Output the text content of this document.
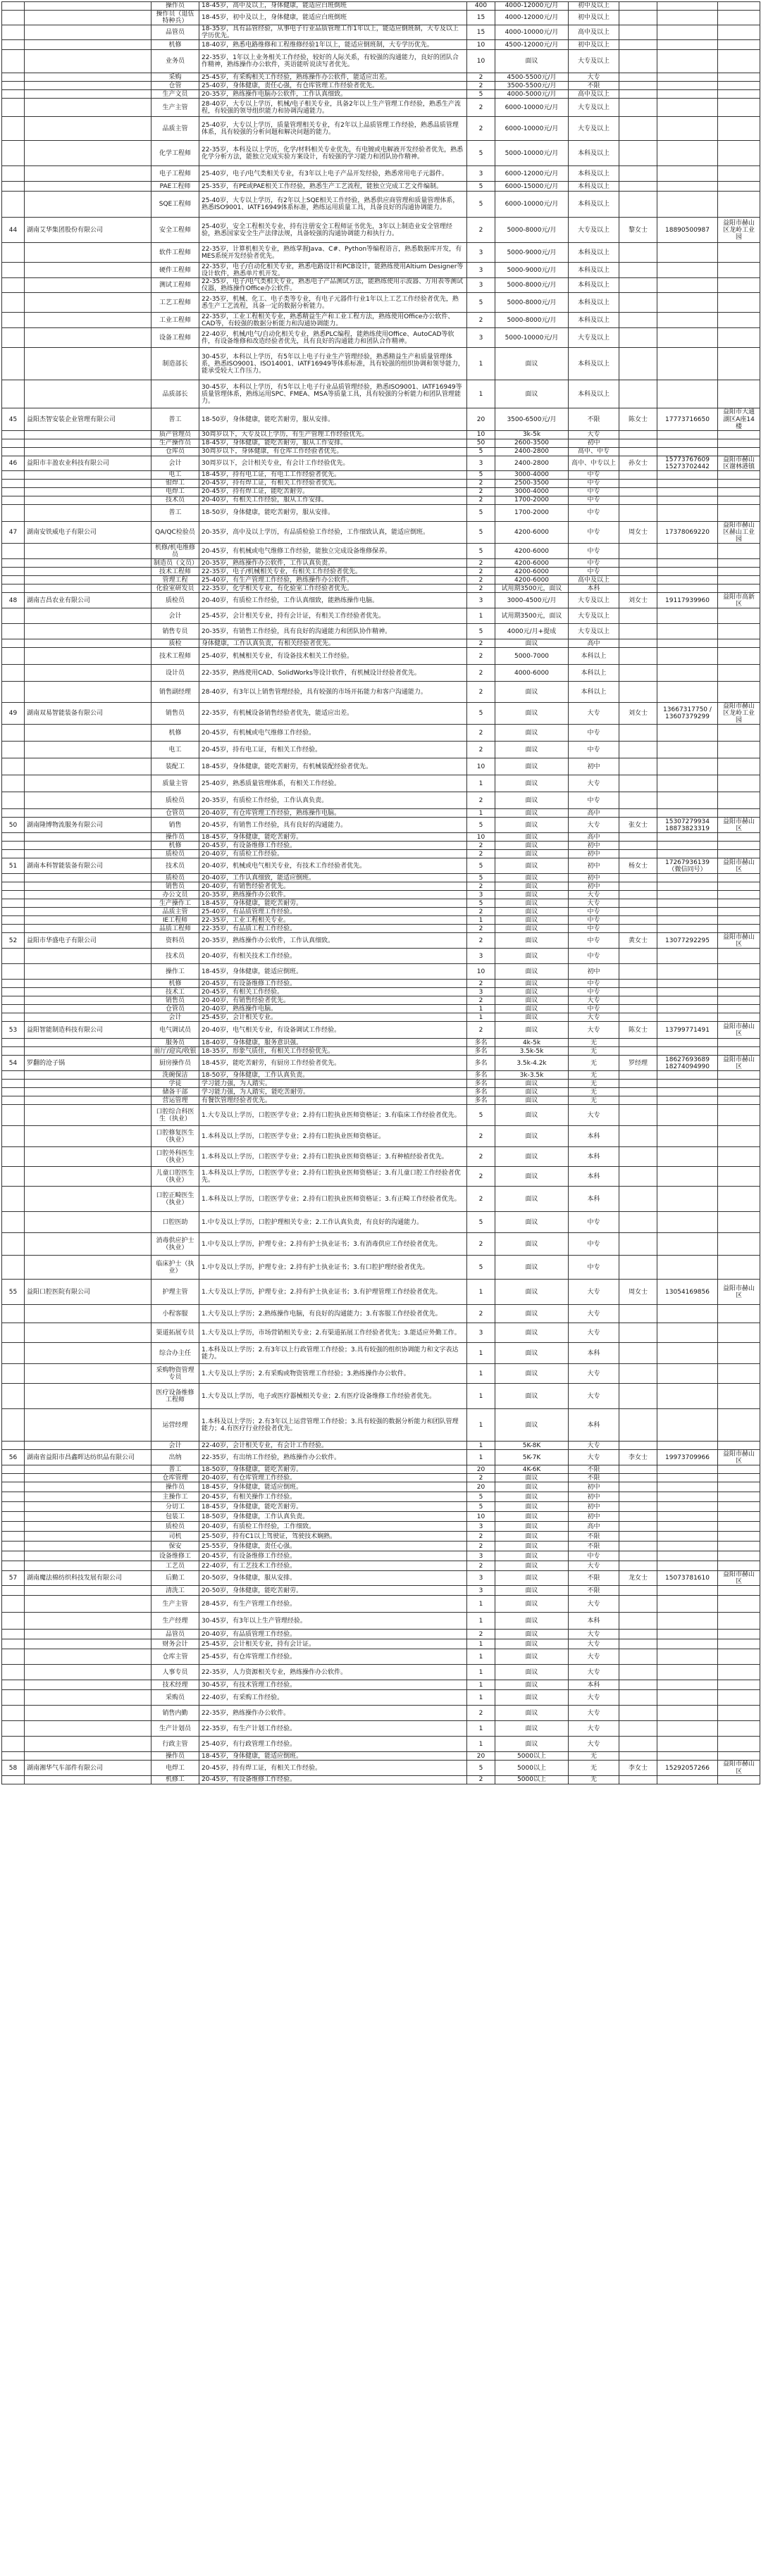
		操作员	18-45岁，高中及以上，身体健康，能适应白班倒班	400	4000-12000元/月	初中及以上			
		操作员（退伍特种兵）	18-45岁，初中及以上，身体健康，能适应白班倒班	15	4000-12000元/月	初中及以上			
		品管员	18-35岁，具有品管经验，从事电子行业品质管理工作1年以上，能适应倒班制，大专及以上学历优先。	15	4000-10000元/月	高中及以上			
		机修	18-40岁，熟悉电路维修和工程维修经验1年以上，能适应倒班制，大专学历优先。	10	4500-12000元/月	初中及以上			
		业务员	22-35岁，1年以上业务相关工作经验，较好的人际关系，有较强的沟通能力，良好的团队合作精神，熟练操作办公软件，英语能听说读写者优先。	10	面议	大专及以上			
		采购	25-45岁，有采购相关工作经验，熟练操作办公软件，能适应出差。	2	4500-5500元/月	大专			
		仓管	25-40岁，身体健康，责任心强，有仓库管理工作经验者优先。	2	3500-5500元/月	不限			
		生产文员	20-35岁，熟练操作电脑办公软件，工作认真细致。	5	4000-5000元/月	高中及以上			
		生产主管	28-40岁，大专以上学历，机械/电子相关专业，具备2年以上生产管理工作经验，熟悉生产流程，有较强的领导组织能力和协调沟通能力。	2	6000-10000元/月	大专及以上			
		品质主管	25-40岁，大专以上学历，质量管理相关专业，有2年以上品质管理工作经验，熟悉品质管理体系，具有较强的分析问题和解决问题的能力。	2	6000-10000元/月	大专及以上			
		化学工程师	22-35岁，本科及以上学历，化学/材料相关专业优先，有电镀或电解液开发经验者优先，熟悉化学分析方法，能独立完成实验方案设计，有较强的学习能力和团队协作精神。	5	5000-10000元/月	本科及以上			
		电子工程师	25-40岁，电子/电气类相关专业，有3年以上电子产品开发经验，熟悉常用电子元器件。	3	6000-12000元/月	本科及以上			
		PAE工程师	25-35岁，有PE或PAE相关工作经验，熟悉生产工艺流程，能独立完成工艺文件编制。	5	6000-15000元/月	本科及以上			
		SQE工程师	25-40岁，大专以上学历，有2年以上SQE相关工作经验，熟悉供应商管理和质量管理体系，熟悉ISO9001、IATF16949体系标准，熟练运用质量工具，具备良好的沟通协调能力。	5	6000-10000元/月	本科及以上			
44	湖南艾华集团股份有限公司	安全工程师	25-40岁，安全工程相关专业，持有注册安全工程师证书优先，3年以上制造业安全管理经验，熟悉国家安全生产法律法规，具备较强的沟通协调能力和执行力。	2	5000-8000元/月	大专及以上	黎女士	18890500987	益阳市赫山区龙岭工业园
		软件工程师	22-35岁，计算机相关专业，熟练掌握Java、C#、Python等编程语言，熟悉数据库开发，有MES系统开发经验者优先。	3	5000-9000元/月	本科及以上			
		硬件工程师	22-35岁，电子/自动化相关专业，熟悉电路设计和PCB设计，能熟练使用Altium Designer等设计软件，熟悉单片机开发。	3	5000-9000元/月	本科及以上			
		测试工程师	22-35岁，电子/电气类相关专业，熟悉电子产品测试方法，能熟练使用示波器、万用表等测试仪器，熟练操作Office办公软件。	3	5000-8000元/月	本科及以上			
		工艺工程师	22-35岁，机械、化工、电子类等专业，有电子元器件行业1年以上工艺工作经验者优先，熟悉生产工艺流程，具备一定的数据分析能力。	5	5000-8000元/月	本科及以上			
		工业工程师	22-35岁，工业工程相关专业，熟悉精益生产和工业工程方法，熟练使用Office办公软件、CAD等，有较强的数据分析能力和沟通协调能力。	2	5000-8000元/月	本科及以上			
		设备工程师	22-40岁，机械/电气/自动化相关专业，熟悉PLC编程，能熟练使用Office、AutoCAD等软件，有设备维修和改造经验者优先，具有良好的沟通能力和团队合作精神。	3	5000-10000元/月	大专及以上			
		制造部长	30-45岁，本科以上学历，有5年以上电子行业生产管理经验，熟悉精益生产和质量管理体系，熟悉ISO9001、ISO14001、IATF16949等体系标准，具有较强的组织协调和领导能力，能承受较大工作压力。	1	面议	本科及以上			
		品质部长	30-45岁，本科以上学历，有5年以上电子行业品质管理经验，熟悉ISO9001、IATF16949等质量管理体系，熟练运用SPC、FMEA、MSA等质量工具，具有较强的分析能力和团队管理能力。	1	面议	本科及以上			
45	益阳杰智安装企业管理有限公司	普工	18-50岁，身体健康，能吃苦耐劳，服从安排。	20	3500-6500元/月	不限	陈女士	17773716650	益阳市大通湖区A座14楼
		质产管理员	30周岁以下，大专及以上学历，有生产管理工作经验优先。	10	3k-5k	大专			
		生产操作员	18-45岁，身体健康，能吃苦耐劳，服从工作安排。	50	2600-3500	初中			
		仓库员	30周岁以下，身体健康，有仓库工作经验者优先。	5	2400-2800	高中、中专			
46	益阳市丰盈农业科技有限公司	会计	30周岁以下，会计相关专业，有会计工作经验优先。	3	2400-2800	高中、中专以上	孙女士	15773767609 15273702442	益阳市赫山区谢林港镇
		电工	18-45岁，持有电工证，有电工工作经验者优先。	5	3000-4000	中专			
		钳焊工	20-45岁，持有焊工证，有相关工作经验者优先。	2	2500-3500	中专			
		电焊工	20-45岁，持有焊工证，能吃苦耐劳。	2	3000-4000	中专			
		技术员	20-40岁，有相关工作经验，服从工作安排。	2	1700-2000	中专			
		普工	18-50岁，身体健康，能吃苦耐劳，服从安排。	5	1700-2000	中专			
47	湖南安铁威电子有限公司	QA/QC检验员	20-35岁，高中及以上学历，有品质检验工作经验，工作细致认真，能适应倒班。	5	4200-6000	中专	周女士	17378069220	益阳市赫山区赫山工业园
		机修/机电维修员	20-45岁，有机械或电气维修工作经验，能独立完成设备维修保养。	5	4200-6000	中专			
		制造员（文员）	20-35岁，熟练操作办公软件，工作认真负责。	2	4200-6000	中专			
		技术工程师	22-35岁，电子/机械相关专业，有相关工作经验者优先。	2	4200-6000	中专			
		管理工程	25-40岁，有生产管理工作经验，熟练操作办公软件。	2	4200-6000	高中及以上			
		化验室研发员	22-35岁，化学相关专业，有化验室工作经验者优先。	2	试用期3500元，面议	本科			
48	湖南吉昌农业有限公司	质检员	20-40岁，有质检工作经验，工作认真细致，能熟练操作电脑。	3	3000-4500元/月	大专及以上	刘女士	19117939960	益阳市高新区
		会计	25-45岁，会计相关专业，持有会计证，有相关工作经验者优先。	1	试用期3500元，面议	大专及以上			
		销售专员	20-35岁，有销售工作经验，具有良好的沟通能力和团队协作精神。	5	4000元/月+提成	大专及以上			
		质检	身体健康，工作认真负责，有相关经验者优先。	2	面议	高中			
		技术工程师	25-40岁，机械相关专业，有设备技术相关工作经验。	2	5000-7000	本科以上			
		设计员	22-35岁，熟练使用CAD、SolidWorks等设计软件，有机械设计经验者优先。	2	4000-6000	本科以上			
		销售副经理	28-40岁，有3年以上销售管理经验，具有较强的市场开拓能力和客户沟通能力。	2	面议	本科以上			
49	湖南双易智能装备有限公司	销售员	22-35岁，有机械设备销售经验者优先，能适应出差。	5	面议	大专	刘女士	13667317750 / 13607379299	益阳市赫山区龙岭工业园
		机修	20-45岁，有机械或电气维修工作经验。	2	面议	中专			
		电工	20-45岁，持有电工证，有相关工作经验。	2	面议	中专			
		装配工	18-45岁，身体健康，能吃苦耐劳，有机械装配经验者优先。	10	面议	初中			
		质量主管	25-40岁，熟悉质量管理体系，有相关工作经验。	1	面议	大专			
		质检员	20-35岁，有质检工作经验，工作认真负责。	2	面议	中专			
		仓管员	20-40岁，有仓库管理工作经验，熟练操作电脑。	1	面议	高中			
50	湖南隆博物流服务有限公司	销售	20-45岁，有销售工作经验，具有良好的沟通能力。	5	面议	大专	张女士	15307279934 18873823319	益阳市赫山区
		操作员	18-45岁，身体健康，能吃苦耐劳。	10	面议	高中			
		机修	20-45岁，有设备维修工作经验。	2	面议	初中			
		质检员	20-40岁，有质检工作经验。	2	面议	初中			
51	湖南本科智能装备有限公司	技术员	20-40岁，机械或电气相关专业，有技术工作经验者优先。	5	面议	初中	杨女士	17267936139 （微信同号）	益阳市赫山区
		质检员	20-40岁，工作认真细致，能适应倒班。	5	面议	初中			
		销售员	20-40岁，有销售经验者优先。	2	面议	初中			
		办公文员	20-35岁，熟练操作办公软件。	3	面议	大专			
		生产操作工	18-45岁，身体健康，能吃苦耐劳。	5	面议	大专			
		品质主管	25-40岁，有品质管理工作经验。	2	面议	中专			
		IE工程师	22-35岁，工业工程相关专业。	1	面议	中专			
		品质工程师	22-35岁，有品质工程工作经验。	2	面议	中专			
52	益阳市华盛电子有限公司	资料员	20-35岁，熟练操作办公软件，工作认真细致。	2	面议	中专	黄女士	13077292295	益阳市赫山区
		技术员	20-40岁，有相关技术工作经验。	3	面议	中专			
		操作工	18-45岁，身体健康，能适应倒班。	10	面议	初中			
		机修	20-45岁，有设备维修工作经验。	2	面议	中专			
		技术工	20-45岁，有相关工作经验。	3	面议	中专			
		销售员	20-40岁，有销售经验者优先。	2	面议	大专			
		仓管员	20-40岁，熟练操作电脑。	1	面议	中专			
		会计	25-45岁，会计相关专业。	1	面议	大专			
53	益阳智能制造科技有限公司	电气调试员	20-40岁，电气相关专业，有设备调试工作经验。	2	面议	大专	陈女士	13799771491	益阳市赫山区
		服务员	18-40岁，身体健康，服务意识强。	多名	4k-5k	无			
		前厅/迎宾/收银	18-35岁，形象气质佳，有相关工作经验优先。	多名	3.5k-5k	无			
54	罗翻的沧子锅	厨房操作员	18-45岁，能吃苦耐劳，有厨房工作经验者优先。	多名	3.5k-4.2k	无	罗经理	18627693689 18274094990	益阳市赫山区
		洗碗保洁	18-50岁，身体健康，工作认真负责。	多名	3k-3.5k	无			
		学徒	学习能力强，为人踏实。	多名	面议	无			
		储备干部	学习能力强，为人踏实，能吃苦耐劳。	多名	面议	无			
		营运管理	有餐饮管理经验者优先。	多名	面议	无			
		口腔综合科医生（执业）	1.大专及以上学历，口腔医学专业；2.持有口腔执业医师资格证；3.有临床工作经验者优先。	5	面议	大专			
		口腔修复医生（执业）	1.本科及以上学历，口腔医学专业；2.持有口腔执业医师资格证。	2	面议	本科			
		口腔外科医生（执业）	1.本科及以上学历，口腔医学专业；2.持有口腔执业医师资格证；3.有种植经验者优先。	2	面议	本科			
		儿童口腔医生（执业）	1.本科及以上学历，口腔医学专业；2.持有口腔执业医师资格证；3.有儿童口腔工作经验者优先。	2	面议	本科			
		口腔正畸医生（执业）	1.本科及以上学历，口腔医学专业；2.持有口腔执业医师资格证；3.有正畸工作经验者优先。	2	面议	本科			
		口腔医助	1.中专及以上学历，口腔护理相关专业；2.工作认真负责，有良好的沟通能力。	5	面议	中专			
		消毒供应护士（执业）	1.中专及以上学历，护理专业；2.持有护士执业证书；3.有消毒供应工作经验者优先。	2	面议	中专			
		临床护士（执业）	1.中专及以上学历，护理专业；2.持有护士执业证书；3.有口腔护理经验者优先。	5	面议	中专			
55	益阳口腔医院有限公司	护理主管	1.大专及以上学历，护理专业；2.持有护士执业证书；3.有护理管理工作经验者优先。	1	面议	大专	周女士	13054169856	益阳市赫山区
		小程客服	1.大专及以上学历；2.熟练操作电脑，有良好的沟通能力；3.有客服工作经验者优先。	2	面议	大专			
		渠道拓展专员	1.大专及以上学历，市场营销相关专业；2.有渠道拓展工作经验者优先；3.能适应外勤工作。	3	面议	大专			
		综合办主任	1.本科及以上学历；2.有3年以上行政管理工作经验；3.具有较强的组织协调能力和文字表达能力。	1	面议	本科			
		采购物资管理专员	1.大专及以上学历；2.有采购或物资管理工作经验；3.熟练操作办公软件。	1	面议	大专			
		医疗设备维修工程师	1.大专及以上学历，电子或医疗器械相关专业；2.有医疗设备维修工作经验者优先。	1	面议	大专			
		运营经理	1.本科及以上学历；2.有3年以上运营管理工作经验；3.具有较强的数据分析能力和团队管理能力；4.有医疗行业经验者优先。	1	面议	本科			
		会计	22-40岁，会计相关专业，有会计工作经验。	1	5K-8K	大专			
56	湖南省益阳市昌鑫晖达纺织品有限公司	出纳	22-35岁，有出纳工作经验，熟练操作办公软件。	1	5K-7K	大专	李女士	19973709966	益阳市赫山区
		普工	18-50岁，身体健康，能吃苦耐劳。	20	4K-6K	不限			
		仓库管理	20-40岁，有仓库管理工作经验。	2	面议	不限			
		操作员	18-45岁，身体健康，能适应倒班。	20	面议	初中			
		主操作工	20-45岁，有相关操作工作经验。	5	面议	初中			
		分切工	18-45岁，身体健康，能吃苦耐劳。	5	面议	初中			
		包装工	18-50岁，身体健康，工作认真负责。	10	面议	初中			
		质检员	20-40岁，有质检工作经验，工作细致。	3	面议	高中			
		司机	25-50岁，持有C1以上驾驶证，驾驶技术娴熟。	2	面议	不限			
		保安	25-55岁，身体健康，责任心强。	2	面议	不限			
		设备维修工	20-45岁，有设备维修工作经验。	3	面议	中专			
		工艺员	22-40岁，有工艺技术工作经验。	2	面议	大专			
57	湖南魔法棉纺织科技发展有限公司	后勤工	20-50岁，身体健康，服从安排。	3	面议	不限	龙女士	15073781610	益阳市赫山区
		清洗工	20-50岁，身体健康，能吃苦耐劳。	3	面议	不限			
		生产主管	28-45岁，有生产管理工作经验。	1	面议	大专			
		生产经理	30-45岁，有3年以上生产管理经验。	1	面议	本科			
		品管员	20-40岁，有品质管理工作经验。	2	面议	大专			
		财务会计	25-45岁，会计相关专业，持有会计证。	1	面议	大专			
		仓库主管	25-45岁，有仓库管理工作经验。	1	面议	大专			
		人事专员	22-35岁，人力资源相关专业，熟练操作办公软件。	1	面议	大专			
		技术经理	30-45岁，有技术管理工作经验。	1	面议	本科			
		采购员	22-40岁，有采购工作经验。	1	面议	大专			
		销售内勤	22-35岁，熟练操作办公软件。	2	面议	大专			
		生产计划员	22-35岁，有生产计划工作经验。	1	面议	大专			
		行政主管	25-40岁，有行政管理工作经验。	1	面议	大专			
		操作员	18-45岁，身体健康，能适应倒班。	20	5000以上	无			
58	湖南湘华气车部件有限公司	电焊工	20-45岁，持有焊工证，有相关工作经验。	5	5000以上	无	李女士	15292057266	益阳市赫山区
		机修工	20-45岁，有设备维修工作经验。	2	5000以上	无			
